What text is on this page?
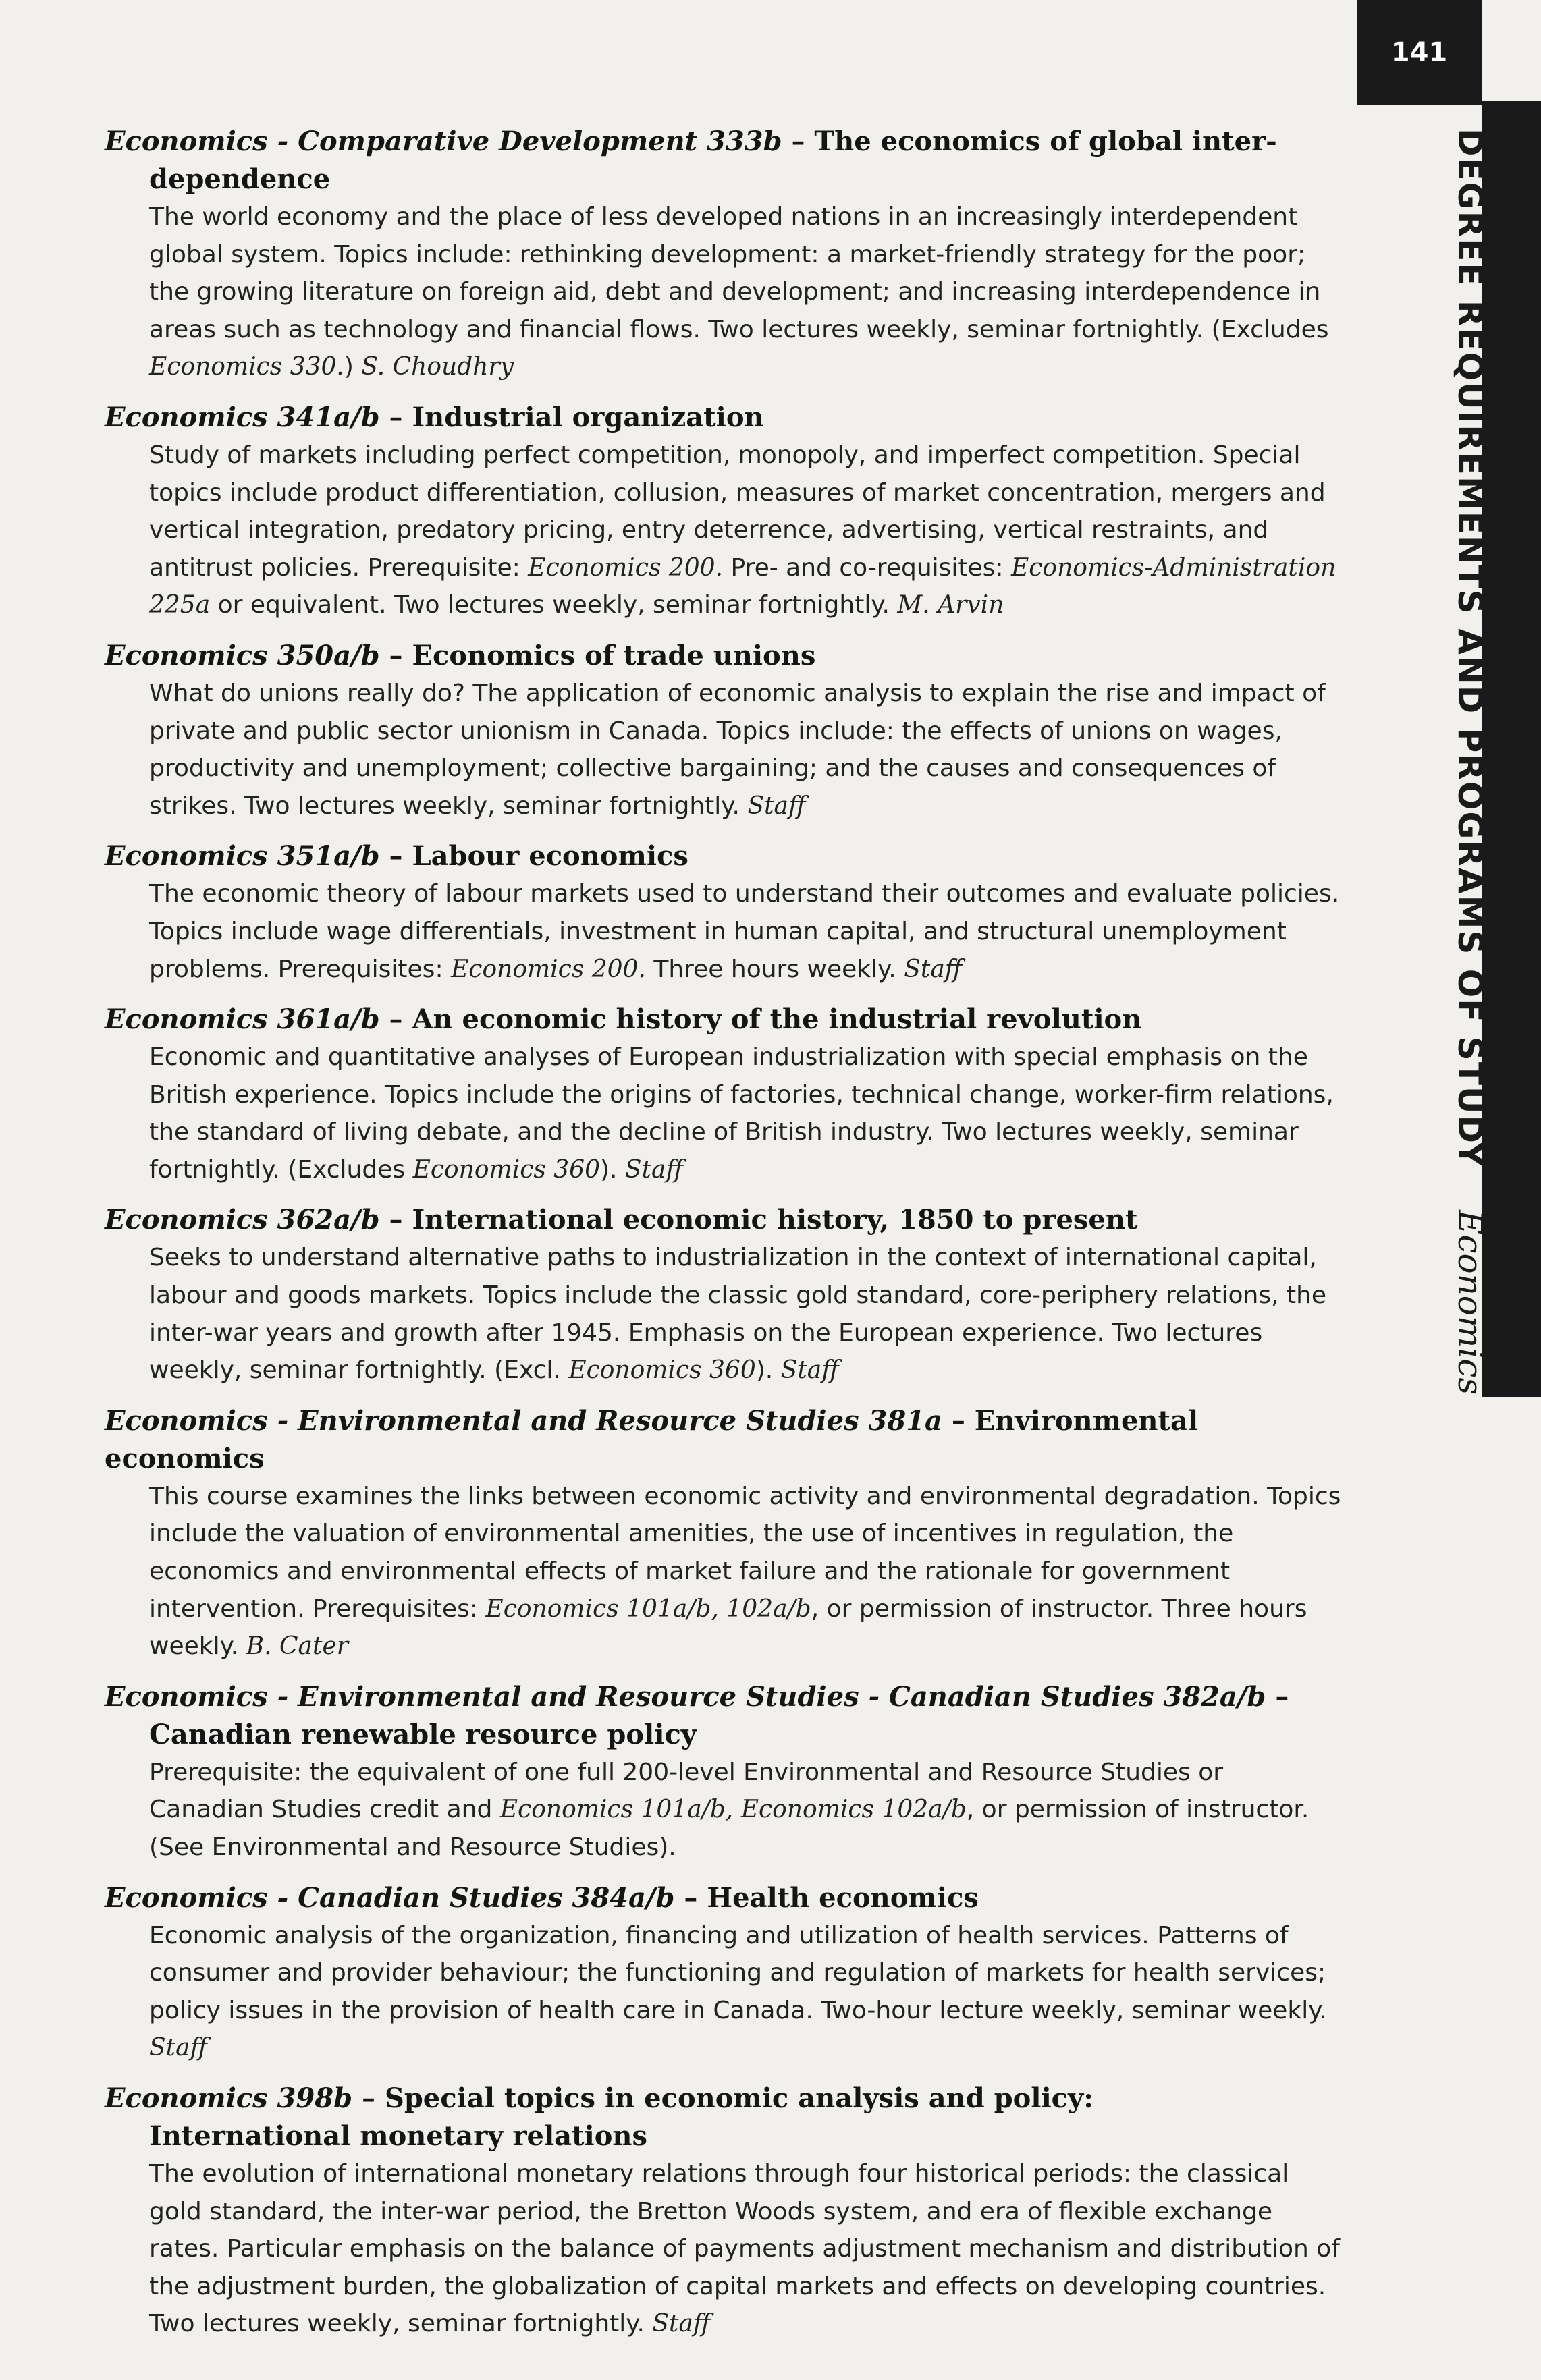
141
DEGREE REQUIREMENTS AND PROGRAMS OF STUDY Economics
Economics - Comparative Development 333b – The economics of global inter-
dependence
The world economy and the place of less developed nations in an increasingly interdependent global system. Topics include: rethinking development: a market-friendly strategy for the poor; the growing literature on foreign aid, debt and development; and increasing interdependence in areas such as technology and financial flows. Two lectures weekly, seminar fortnightly. (Excludes Economics 330.) S. Choudhry
Economics 341a/b – Industrial organization
Study of markets including perfect competition, monopoly, and imperfect competition. Special topics include product differentiation, collusion, measures of market concentration, mergers and vertical integration, predatory pricing, entry deterrence, advertising, vertical restraints, and antitrust policies. Prerequisite: Economics 200. Pre- and co-requisites: Economics-Administration 225a or equivalent. Two lectures weekly, seminar fortnightly. M. Arvin
Economics 350a/b – Economics of trade unions
What do unions really do? The application of economic analysis to explain the rise and impact of private and public sector unionism in Canada. Topics include: the effects of unions on wages, productivity and unemployment; collective bargaining; and the causes and consequences of strikes. Two lectures weekly, seminar fortnightly. Staff
Economics 351a/b – Labour economics
The economic theory of labour markets used to understand their outcomes and evaluate policies. Topics include wage differentials, investment in human capital, and structural unemployment problems. Prerequisites: Economics 200. Three hours weekly. Staff
Economics 361a/b – An economic history of the industrial revolution
Economic and quantitative analyses of European industrialization with special emphasis on the British experience. Topics include the origins of factories, technical change, worker-firm relations, the standard of living debate, and the decline of British industry. Two lectures weekly, seminar fortnightly. (Excludes Economics 360). Staff
Economics 362a/b – International economic history, 1850 to present
Seeks to understand alternative paths to industrialization in the context of international capital, labour and goods markets. Topics include the classic gold standard, core-periphery relations, the inter-war years and growth after 1945. Emphasis on the European experience. Two lectures weekly, seminar fortnightly. (Excl. Economics 360). Staff
Economics - Environmental and Resource Studies 381a – Environmental economics
This course examines the links between economic activity and environmental degradation. Topics include the valuation of environmental amenities, the use of incentives in regulation, the economics and environmental effects of market failure and the rationale for government intervention. Prerequisites: Economics 101a/b, 102a/b, or permission of instructor. Three hours weekly. B. Cater
Economics - Environmental and Resource Studies - Canadian Studies 382a/b –
Canadian renewable resource policy
Prerequisite: the equivalent of one full 200-level Environmental and Resource Studies or Canadian Studies credit and Economics 101a/b, Economics 102a/b, or permission of instructor. (See Environmental and Resource Studies).
Economics - Canadian Studies 384a/b – Health economics
Economic analysis of the organization, financing and utilization of health services. Patterns of consumer and provider behaviour; the functioning and regulation of markets for health services; policy issues in the provision of health care in Canada. Two-hour lecture weekly, seminar weekly. Staff
Economics 398b – Special topics in economic analysis and policy:
International monetary relations
The evolution of international monetary relations through four historical periods: the classical gold standard, the inter-war period, the Bretton Woods system, and era of flexible exchange rates. Particular emphasis on the balance of payments adjustment mechanism and distribution of the adjustment burden, the globalization of capital markets and effects on developing countries. Two lectures weekly, seminar fortnightly. Staff
